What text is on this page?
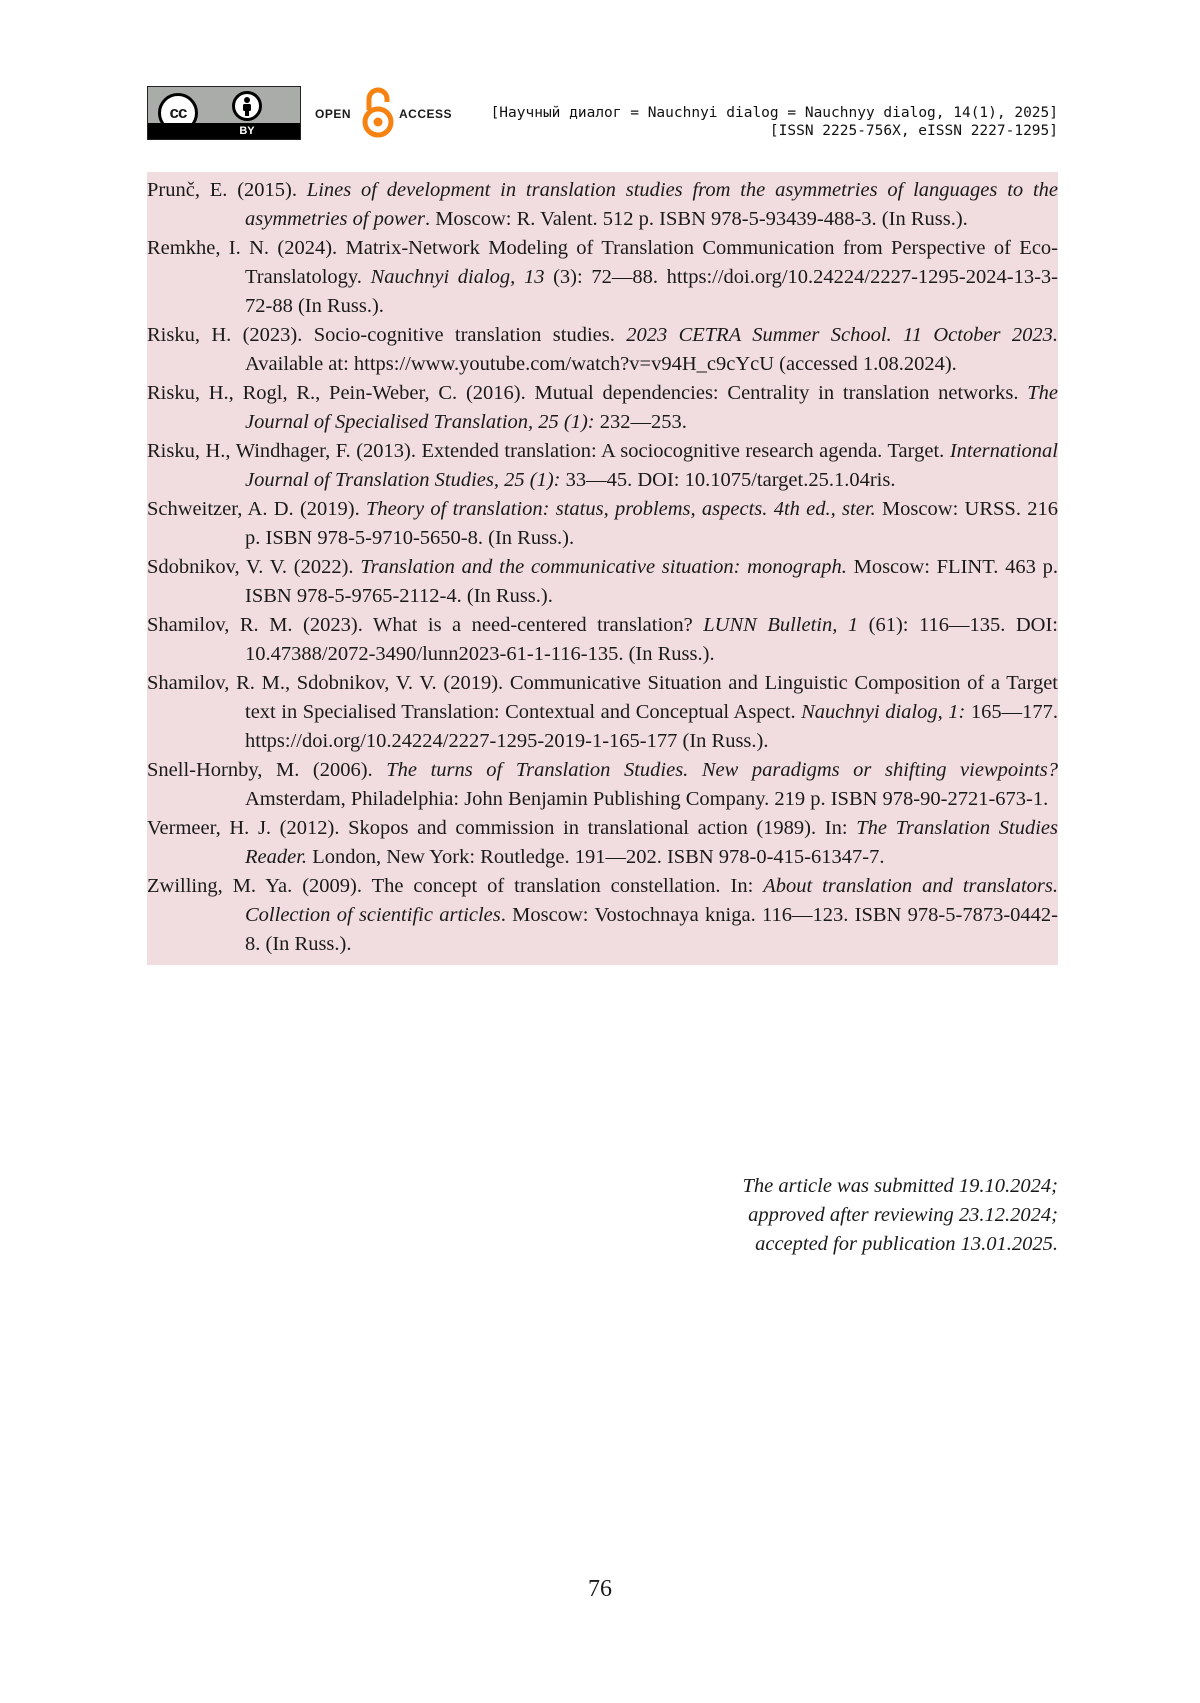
cc
BY
OPEN	ACCESS	[Научный диалог = Nauchnyi dialog = Nauchnyy dialog, 14(1), 2025]
[ISSN 2225-756X, eISSN 2227-1295]
Prunč, E. (2015). Lines of development in translation studies from the asymmetries of languages to the asymmetries of power. Moscow: R. Valent. 512 p. ISBN 978-5-93439-488-3. (In Russ.).
Remkhe, I. N. (2024). Matrix-Network Modeling of Translation Communication from Perspective of Eco-Translatology. Nauchnyi dialog, 13 (3): 72—88. https://doi.​org/10.24224/2227-1295-2024-13-3-72-88 (In Russ.).
Risku, H. (2023). Socio-cognitive translation studies. 2023 CETRA Summer School. 11 October 2023. Available at: https://www.youtube.com/watch?v=v94H_c9cYcU (accessed 1.08.2024).
Risku, H., Rogl, R., Pein-Weber, C. (2016). Mutual dependencies: Centrality in translation networks. The Journal of Specialised Translation, 25 (1): 232—253.
Risku, H., Windhager, F. (2013). Extended translation: A sociocognitive research agenda. Target. International Journal of Translation Studies, 25 (1): 33—45. DOI: 10.1075/​target.25.1.04ris.
Schweitzer, A. D. (2019). Theory of translation: status, problems, aspects. 4th ed., ster. Moscow: URSS. 216 p. ISBN 978-5-9710-5650-8. (In Russ.).
Sdobnikov, V. V. (2022). Translation and the communicative situation: monograph. Moscow: FLINT. 463 p. ISBN 978-5-9765-2112-4. (In Russ.).
Shamilov, R. M. (2023). What is a need-centered translation? LUNN Bulletin, 1 (61): 116—135. DOI: 10.47388/2072-3490/lunn2023-61-1-116-135. (In Russ.).
Shamilov, R. M., Sdobnikov, V. V. (2019). Communicative Situation and Linguistic Composition of a Target text in Specialised Translation: Contextual and Conceptual Aspect. Nauchnyi dialog, 1: 165—177. https://doi.org/10.24224/2227-1295-2019-1-165-177 (In Russ.).
Snell-Hornby, M. (2006). The turns of Translation Studies. New paradigms or shifting viewpoints? Amsterdam, Philadelphia: John Benjamin Publishing Company. 219 p. ISBN 978-90-2721-673-1.
Vermeer, H. J. (2012). Skopos and commission in translational action (1989). In: The Translation Studies Reader. London, New York: Routledge. 191—202. ISBN 978-0-415-61347-7.
Zwilling, M. Ya. (2009). The concept of translation constellation. In: About translation and translators. Collection of scientific articles. Moscow: Vostochnaya kniga. 116—123. ISBN 978-5-7873-0442-8. (In Russ.).
The article was submitted 19.10.2024;
approved after reviewing 23.12.2024;
accepted for publication 13.01.2025.
76
